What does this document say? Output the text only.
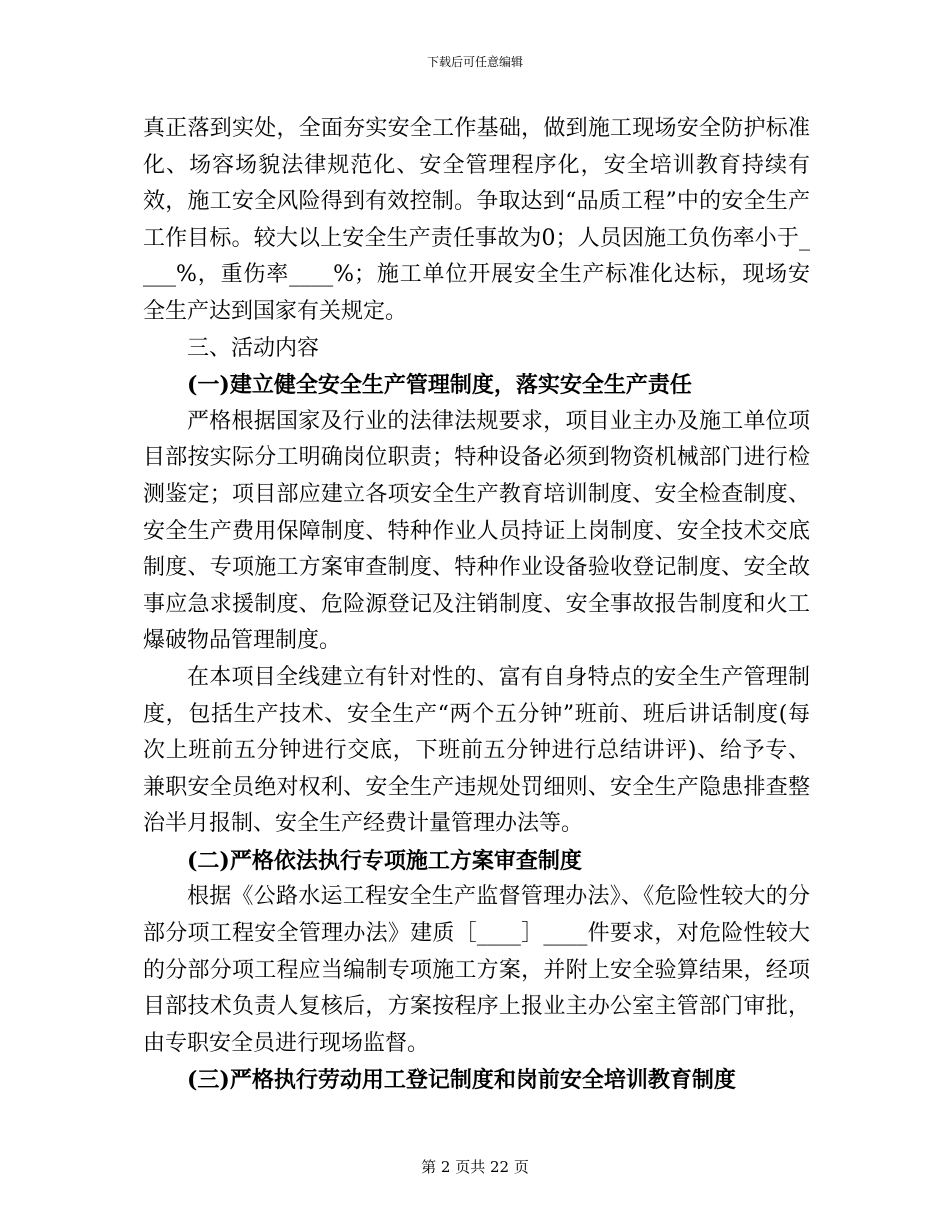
下载后可任意编辑

真正落到实处，全面夯实安全工作基础，做到施工现场安全防护标准化、场容场貌法律规范化、安全管理程序化，安全培训教育持续有效，施工安全风险得到有效控制。争取达到“品质工程”中的安全生产工作目标。较大以上安全生产责任事故为0；人员因施工负伤率小于____%，重伤率____%；施工单位开展安全生产标准化达标，现场安全生产达到国家有关规定。

三、活动内容

(一)建立健全安全生产管理制度，落实安全生产责任

严格根据国家及行业的法律法规要求，项目业主办及施工单位项目部按实际分工明确岗位职责；特种设备必须到物资机械部门进行检测鉴定；项目部应建立各项安全生产教育培训制度、安全检查制度、安全生产费用保障制度、特种作业人员持证上岗制度、安全技术交底制度、专项施工方案审查制度、特种作业设备验收登记制度、安全故事应急求援制度、危险源登记及注销制度、安全事故报告制度和火工爆破物品管理制度。

在本项目全线建立有针对性的、富有自身特点的安全生产管理制度，包括生产技术、安全生产“两个五分钟”班前、班后讲话制度(每次上班前五分钟进行交底，下班前五分钟进行总结讲评)、给予专、兼职安全员绝对权利、安全生产违规处罚细则、安全生产隐患排查整治半月报制、安全生产经费计量管理办法等。

(二)严格依法执行专项施工方案审查制度

根据《公路水运工程安全生产监督管理办法》、《危险性较大的分部分项工程安全管理办法》建质［____］____件要求，对危险性较大的分部分项工程应当编制专项施工方案，并附上安全验算结果，经项目部技术负责人复核后，方案按程序上报业主办公室主管部门审批，由专职安全员进行现场监督。

(三)严格执行劳动用工登记制度和岗前安全培训教育制度

第 2 页共 22 页
